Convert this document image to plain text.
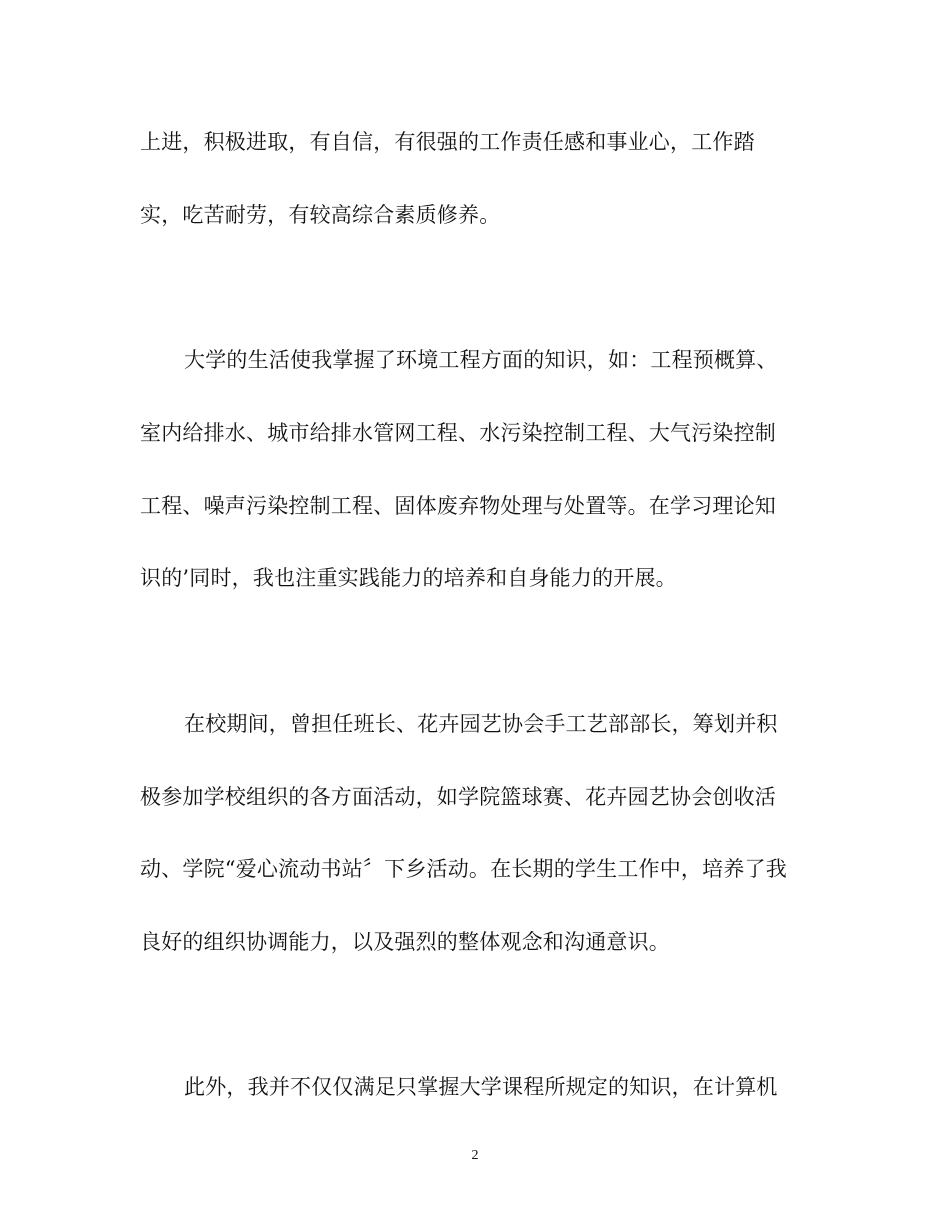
上进，积极进取，有自信，有很强的工作责任感和事业心，工作踏
实，吃苦耐劳，有较高综合素质修养。
大学的生活使我掌握了环境工程方面的知识，如：工程预概算、
室内给排水、城市给排水管网工程、水污染控制工程、大气污染控制
工程、噪声污染控制工程、固体废弃物处理与处置等。在学习理论知
识的’同时，我也注重实践能力的培养和自身能力的开展。
在校期间，曾担任班长、花卉园艺协会手工艺部部长，筹划并积
极参加学校组织的各方面活动，如学院篮球赛、花卉园艺协会创收活
动、学院“爱心流动书站〞下乡活动。在长期的学生工作中，培养了我
良好的组织协调能力，以及强烈的整体观念和沟通意识。
此外，我并不仅仅满足只掌握大学课程所规定的知识，在计算机
2
